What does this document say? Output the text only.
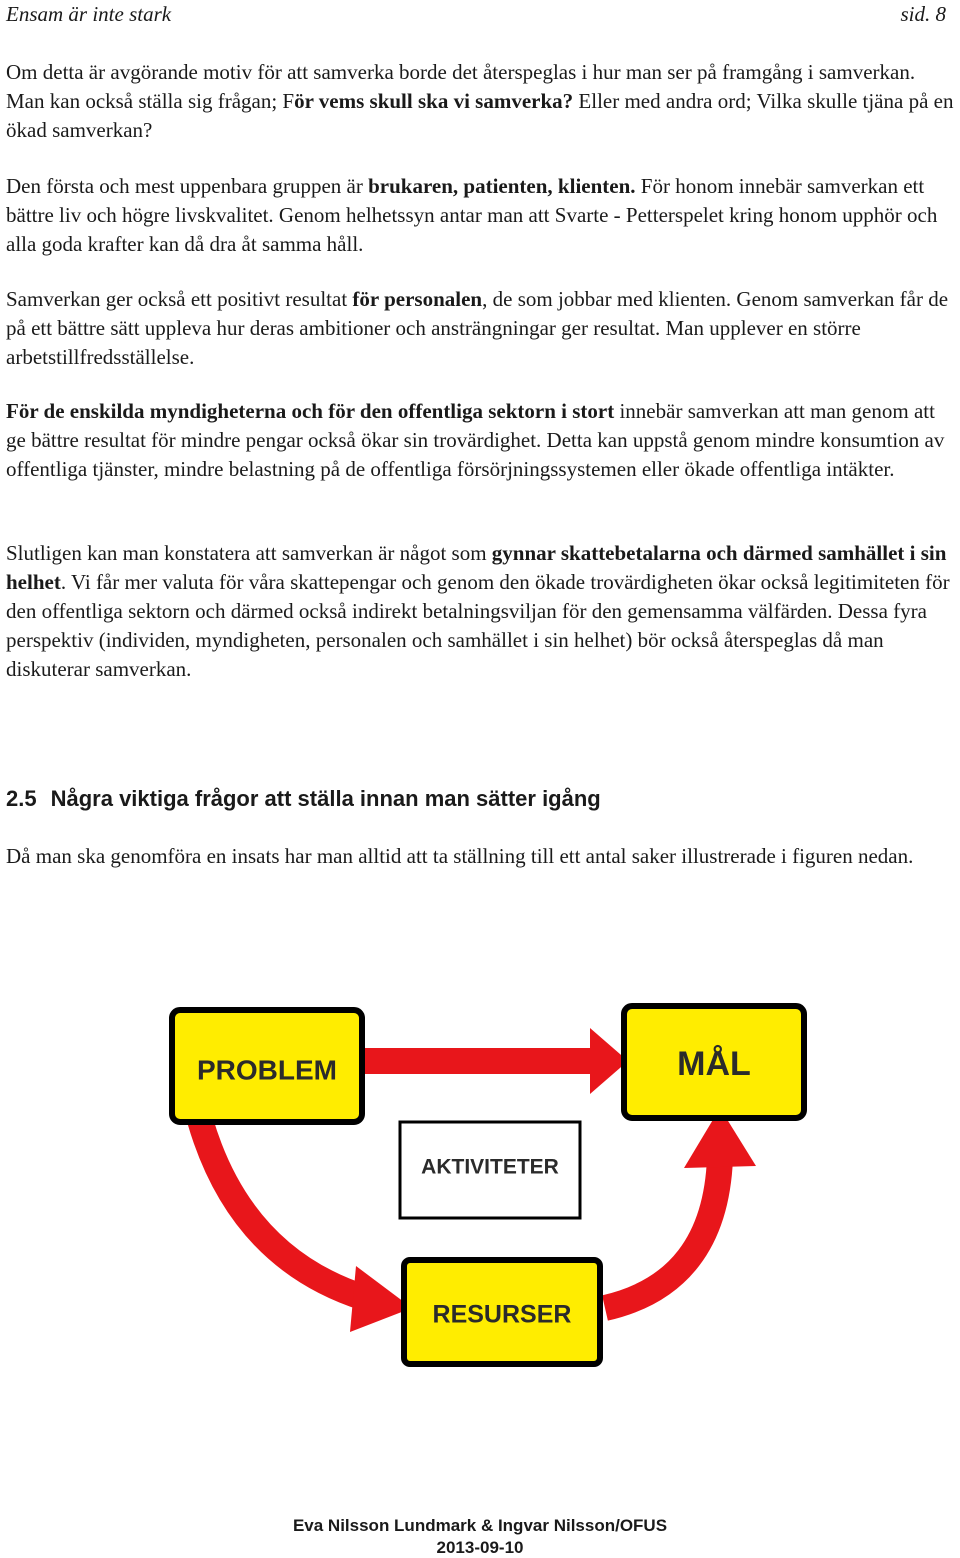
Ensam är inte stark	sid. 8

Om detta är avgörande motiv för att samverka borde det återspeglas i hur man ser på framgång i samverkan. Man kan också ställa sig frågan; För vems skull ska vi samverka? Eller med andra ord; Vilka skulle tjäna på en ökad samverkan?

Den första och mest uppenbara gruppen är brukaren, patienten, klienten. För honom innebär samverkan ett bättre liv och högre livskvalitet. Genom helhetssyn antar man att Svarte - Petterspelet kring honom upphör och alla goda krafter kan då dra åt samma håll.

Samverkan ger också ett positivt resultat för personalen, de som jobbar med klienten. Genom samverkan får de på ett bättre sätt uppleva hur deras ambitioner och ansträngningar ger resultat. Man upplever en större arbetstillfredsställelse.

För de enskilda myndigheterna och för den offentliga sektorn i stort innebär samverkan att man genom att ge bättre resultat för mindre pengar också ökar sin trovärdighet. Detta kan uppstå genom mindre konsumtion av offentliga tjänster, mindre belastning på de offentliga försörjningssystemen eller ökade offentliga intäkter.

Slutligen kan man konstatera att samverkan är något som gynnar skattebetalarna och därmed samhället i sin helhet. Vi får mer valuta för våra skattepengar och genom den ökade trovärdigheten ökar också legitimiteten för den offentliga sektorn och därmed också indirekt betalningsviljan för den gemensamma välfärden. Dessa fyra perspektiv (individen, myndigheten, personalen och samhället i sin helhet) bör också återspeglas då man diskuterar samverkan.

2.5 Några viktiga frågor att ställa innan man sätter igång

Då man ska genomföra en insats har man alltid att ta ställning till ett antal saker illustrerade i figuren nedan.

PROBLEM	MÅL
AKTIVITETER
RESURSER
Eva Nilsson Lundmark & Ingvar Nilsson/OFUS
2013-09-10
